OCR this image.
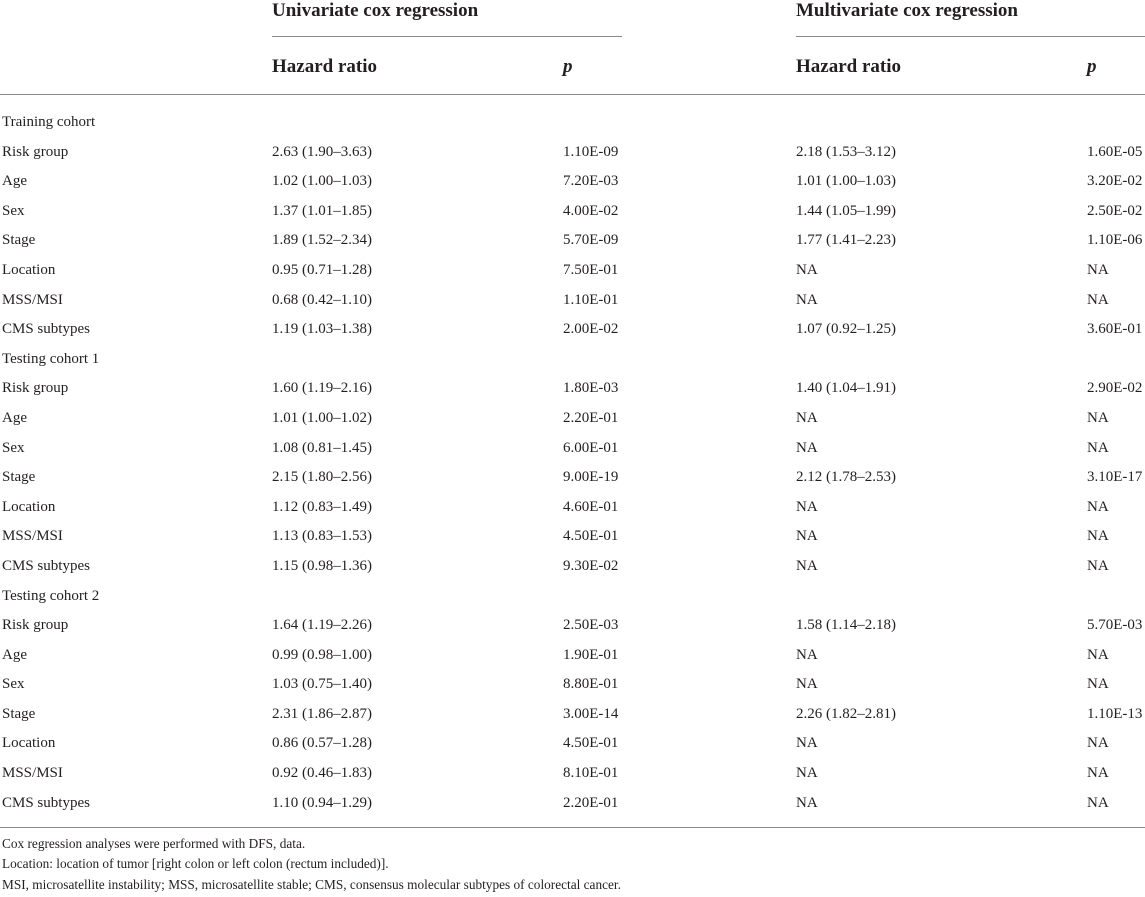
Univariate cox regression	Multivariate cox regression
Hazard ratio	p	Hazard ratio	p
Training cohort
Risk group	2.63 (1.90–3.63)	1.10E-09	2.18 (1.53–3.12)	1.60E-05
Age	1.02 (1.00–1.03)	7.20E-03	1.01 (1.00–1.03)	3.20E-02
Sex	1.37 (1.01–1.85)	4.00E-02	1.44 (1.05–1.99)	2.50E-02
Stage	1.89 (1.52–2.34)	5.70E-09	1.77 (1.41–2.23)	1.10E-06
Location	0.95 (0.71–1.28)	7.50E-01	NA	NA
MSS/MSI	0.68 (0.42–1.10)	1.10E-01	NA	NA
CMS subtypes	1.19 (1.03–1.38)	2.00E-02	1.07 (0.92–1.25)	3.60E-01
Testing cohort 1
Risk group	1.60 (1.19–2.16)	1.80E-03	1.40 (1.04–1.91)	2.90E-02
Age	1.01 (1.00–1.02)	2.20E-01	NA	NA
Sex	1.08 (0.81–1.45)	6.00E-01	NA	NA
Stage	2.15 (1.80–2.56)	9.00E-19	2.12 (1.78–2.53)	3.10E-17
Location	1.12 (0.83–1.49)	4.60E-01	NA	NA
MSS/MSI	1.13 (0.83–1.53)	4.50E-01	NA	NA
CMS subtypes	1.15 (0.98–1.36)	9.30E-02	NA	NA
Testing cohort 2
Risk group	1.64 (1.19–2.26)	2.50E-03	1.58 (1.14–2.18)	5.70E-03
Age	0.99 (0.98–1.00)	1.90E-01	NA	NA
Sex	1.03 (0.75–1.40)	8.80E-01	NA	NA
Stage	2.31 (1.86–2.87)	3.00E-14	2.26 (1.82–2.81)	1.10E-13
Location	0.86 (0.57–1.28)	4.50E-01	NA	NA
MSS/MSI	0.92 (0.46–1.83)	8.10E-01	NA	NA
CMS subtypes	1.10 (0.94–1.29)	2.20E-01	NA	NA
Cox regression analyses were performed with DFS, data.
Location: location of tumor [right colon or left colon (rectum included)].
MSI, microsatellite instability; MSS, microsatellite stable; CMS, consensus molecular subtypes of colorectal cancer.
